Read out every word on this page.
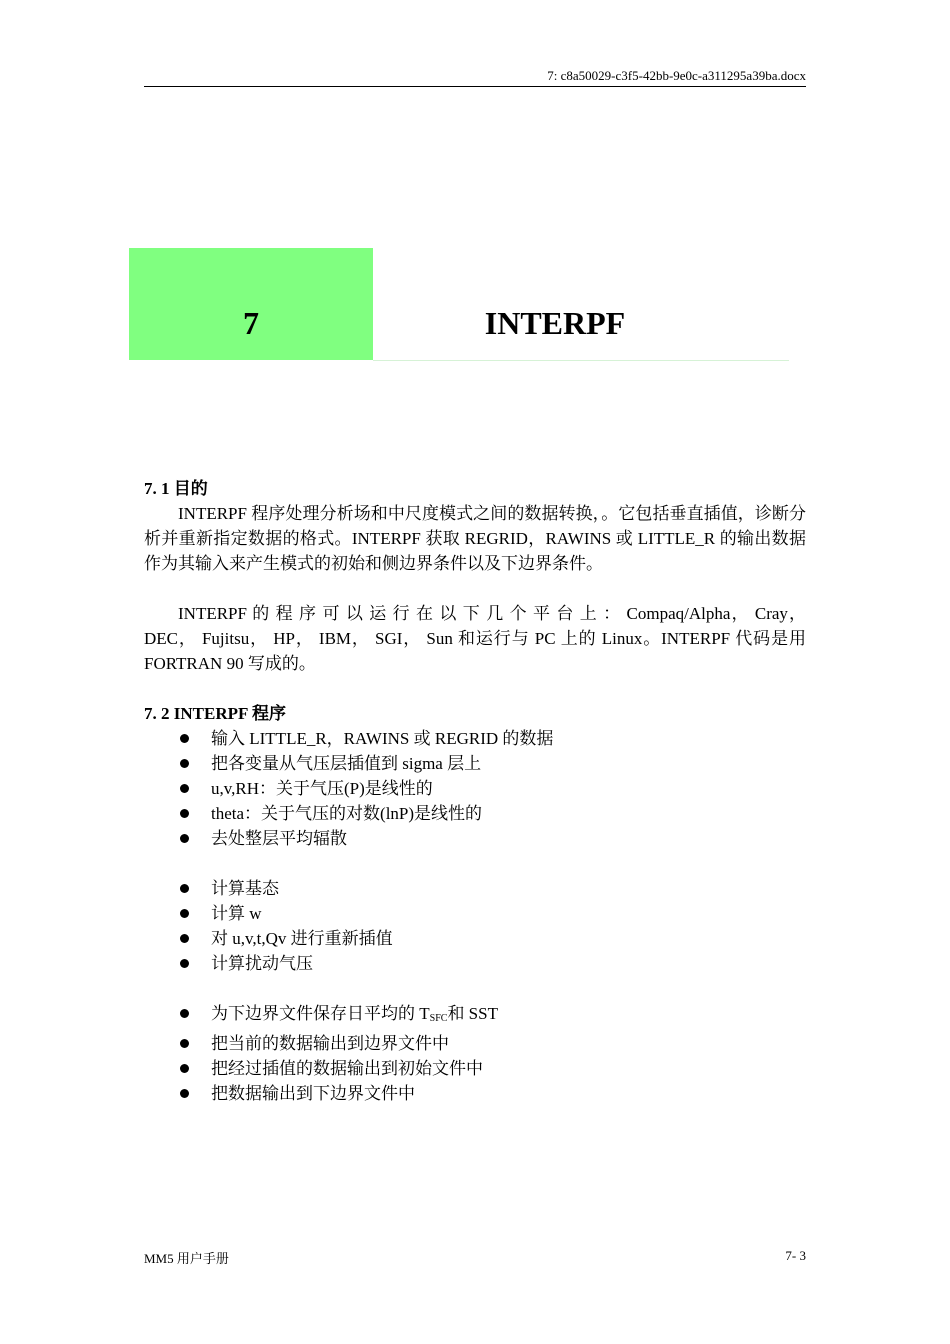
7: c8a50029-c3f5-42bb-9e0c-a311295a39ba.docx
7	INTERPF
7. 1 目的

INTERPF 程序处理分析场和中尺度模式之间的数据转换，。它包括垂直插值，诊断分析并重新指定数据的格式。INTERPF 获取 REGRID，RAWINS 或 LITTLE_R 的输出数据作为其输入来产生模式的初始和侧边界条件以及下边界条件。

INTERPF 的 程 序 可 以 运 行 在 以 下 几 个 平 台 上 ： Compaq/Alpha， Cray， DEC， Fujitsu， HP， IBM， SGI， Sun 和运行与 PC 上的 Linux。INTERPF 代码是用 FORTRAN 90 写成的。

7. 2 INTERPF 程序
输入 LITTLE_R，RAWINS 或 REGRID 的数据
把各变量从气压层插值到 sigma 层上
u,v,RH：关于气压(P)是线性的
theta：关于气压的对数(lnP)是线性的
去处整层平均辐散
计算基态
计算 w
对 u,v,t,Qv 进行重新插值
计算扰动气压
为下边界文件保存日平均的 $T_{SFC}$和 SST
把当前的数据输出到边界文件中
把经过插值的数据输出到初始文件中
把数据输出到下边界文件中
MM5 用户手册	7- 3
